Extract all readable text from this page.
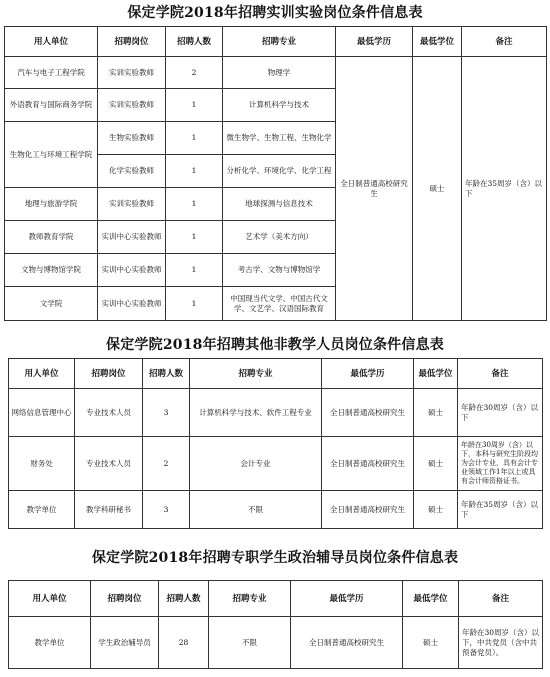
保定学院2018年招聘实训实验岗位条件信息表
用人单位	招聘岗位	招聘人数	招聘专业	最低学历	最低学位	备注
汽车与电子工程学院	实训实验教师	2	物理学	全日制普通高校研究生	硕士	年龄在35周岁（含）以下
外语教育与国际商务学院	实训实验教师	1	计算机科学与技术			
生物化工与环境工程学院	生物实验教师	1	微生物学、生物工程、生物化学			
	化学实验教师	1	分析化学、环境化学、化学工程			
地理与旅游学院	实训实验教师	1	地球探测与信息技术			
教师教育学院	实训中心实验教师	1	艺术学（美术方向）			
文物与博物馆学院	实训中心实验教师	1	考古学、文物与博物馆学			
文学院	实训中心实验教师	1	中国现当代文学、中国古代文学、文艺学、汉语国际教育			
保定学院2018年招聘其他非教学人员岗位条件信息表
用人单位	招聘岗位	招聘人数	招聘专业	最低学历	最低学位	备注
网络信息管理中心	专业技术人员	3	计算机科学与技术、软件工程专业	全日制普通高校研究生	硕士	年龄在30周岁（含）以下
财务处	专业技术人员	2	会计专业	全日制普通高校研究生	硕士	年龄在30周岁（含）以下，本科与研究生阶段均为会计专业，具有会计专业领域工作1年以上或具有会计师资格证书。
教学单位	教学科研秘书	3	不限	全日制普通高校研究生	硕士	年龄在35周岁（含）以下
保定学院2018年招聘专职学生政治辅导员岗位条件信息表
用人单位	招聘岗位	招聘人数	招聘专业	最低学历	最低学位	备注
教学单位	学生政治辅导员	28	不限	全日制普通高校研究生	硕士	年龄在30周岁（含）以下，中共党员（含中共预备党员）。
